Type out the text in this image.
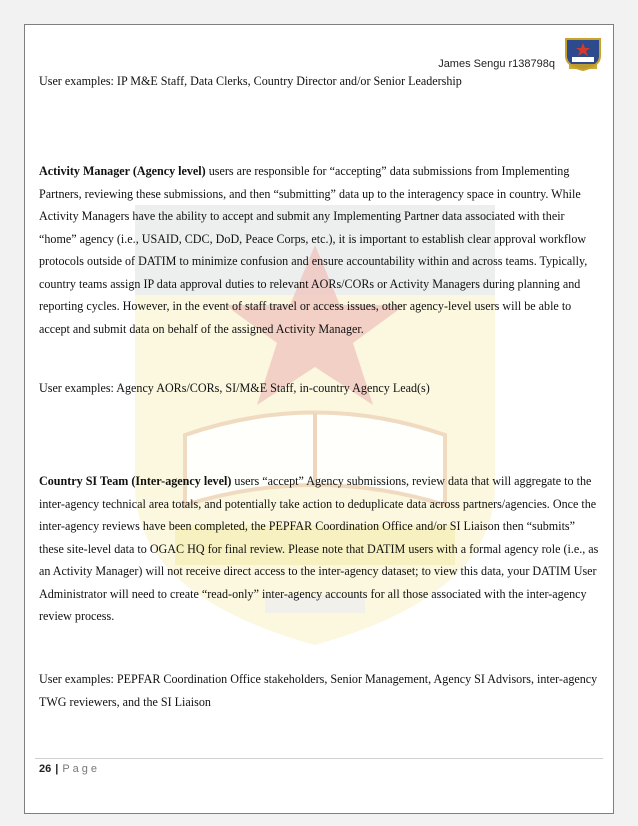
James Sengu r138798q
User examples: IP M&E Staff, Data Clerks, Country Director and/or Senior Leadership
Activity Manager (Agency level) users are responsible for “accepting” data submissions from Implementing Partners, reviewing these submissions, and then “submitting” data up to the interagency space in country. While Activity Managers have the ability to accept and submit any Implementing Partner data associated with their “home” agency (i.e., USAID, CDC, DoD, Peace Corps, etc.), it is important to establish clear approval workflow protocols outside of DATIM to minimize confusion and ensure accountability within and across teams. Typically, country teams assign IP data approval duties to relevant AORs/CORs or Activity Managers during planning and reporting cycles. However, in the event of staff travel or access issues, other agency-level users will be able to accept and submit data on behalf of the assigned Activity Manager.
User examples: Agency AORs/CORs, SI/M&E Staff, in-country Agency Lead(s)
Country SI Team (Inter-agency level) users “accept” Agency submissions, review data that will aggregate to the inter-agency technical area totals, and potentially take action to deduplicate data across partners/agencies. Once the inter-agency reviews have been completed, the PEPFAR Coordination Office and/or SI Liaison then “submits” these site-level data to OGAC HQ for final review. Please note that DATIM users with a formal agency role (i.e., as an Activity Manager) will not receive direct access to the inter-agency dataset; to view this data, your DATIM User Administrator will need to create “read-only” inter-agency accounts for all those associated with the inter-agency review process.
User examples: PEPFAR Coordination Office stakeholders, Senior Management, Agency SI Advisors, inter-agency TWG reviewers, and the SI Liaison
26 | Page
